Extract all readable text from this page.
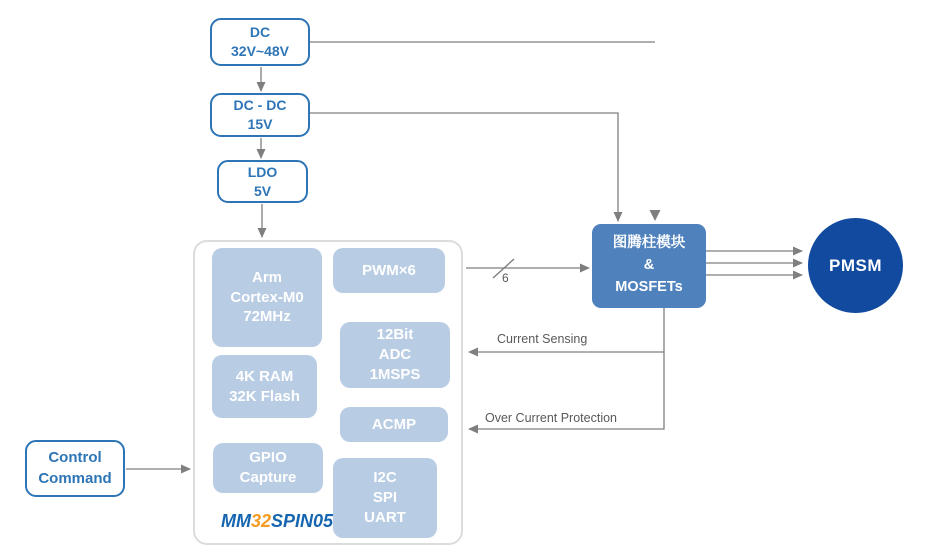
DC
32V~48V
DC - DC
15V
LDO
5V
Control
Command
Arm
Cortex-M0
72MHz
4K RAM
32K Flash
GPIO
Capture
PWM×6
12Bit
ADC
1MSPS
ACMP
I2C
SPI
UART
MM32SPIN05
图腾柱模块
&
MOSFETs
PMSM
6
Current Sensing
Over Current Protection
